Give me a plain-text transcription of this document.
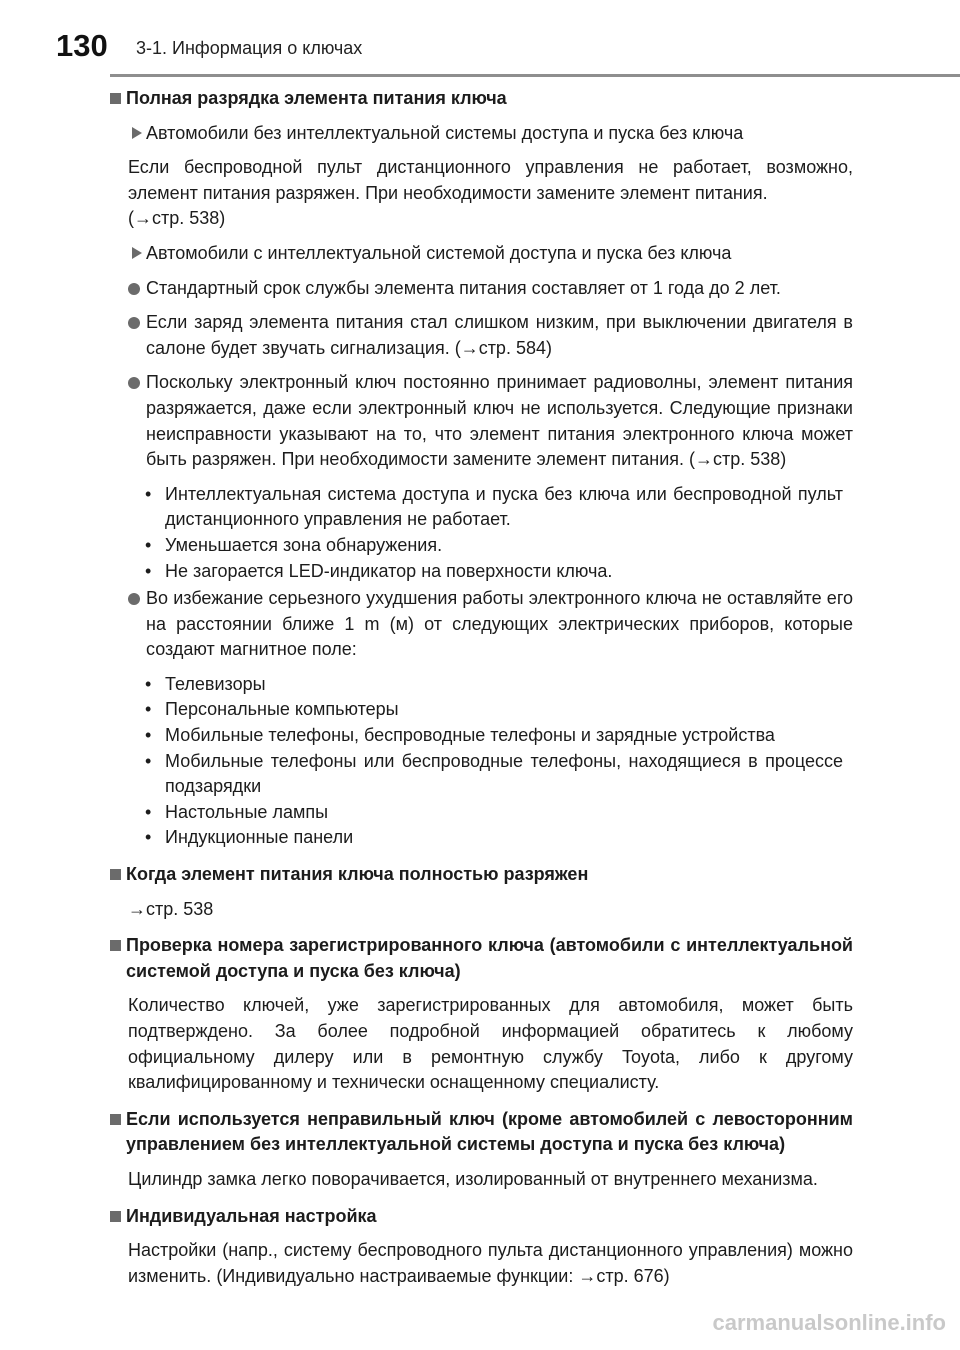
130 3-1. Информация о ключах
Полная разрядка элемента питания ключа
Автомобили без интеллектуальной системы доступа и пуска без ключа
Если беспроводной пульт дистанционного управления не работает, возможно, элемент питания разряжен. При необходимости замените элемент питания.
(→стр. 538)
Автомобили с интеллектуальной системой доступа и пуска без ключа
Стандартный срок службы элемента питания составляет от 1 года до 2 лет.
Если заряд элемента питания стал слишком низким, при выключении двигателя в салоне будет звучать сигнализация. (→стр. 584)
Поскольку электронный ключ постоянно принимает радиоволны, элемент питания разряжается, даже если электронный ключ не используется. Следующие признаки неисправности указывают на то, что элемент питания электронного ключа может быть разряжен. При необходимости замените элемент питания. (→стр. 538)
• Интеллектуальная система доступа и пуска без ключа или беспроводной пульт дистанционного управления не работает.
• Уменьшается зона обнаружения.
• Не загорается LED-индикатор на поверхности ключа.
Во избежание серьезного ухудшения работы электронного ключа не оставляйте его на расстоянии ближе 1 m (м) от следующих электрических приборов, которые создают магнитное поле:
• Телевизоры
• Персональные компьютеры
• Мобильные телефоны, беспроводные телефоны и зарядные устройства
• Мобильные телефоны или беспроводные телефоны, находящиеся в процессе подзарядки
• Настольные лампы
• Индукционные панели
Когда элемент питания ключа полностью разряжен
→стр. 538
Проверка номера зарегистрированного ключа (автомобили с интеллектуальной системой доступа и пуска без ключа)
Количество ключей, уже зарегистрированных для автомобиля, может быть подтверждено. За более подробной информацией обратитесь к любому официальному дилеру или в ремонтную службу Toyota, либо к другому квалифицированному и технически оснащенному специалисту.
Если используется неправильный ключ (кроме автомобилей с левосторонним управлением без интеллектуальной системы доступа и пуска без ключа)
Цилиндр замка легко поворачивается, изолированный от внутреннего механизма.
Индивидуальная настройка
Настройки (напр., систему беспроводного пульта дистанционного управления) можно изменить. (Индивидуально настраиваемые функции: →стр. 676)
carmanualsonline.info
